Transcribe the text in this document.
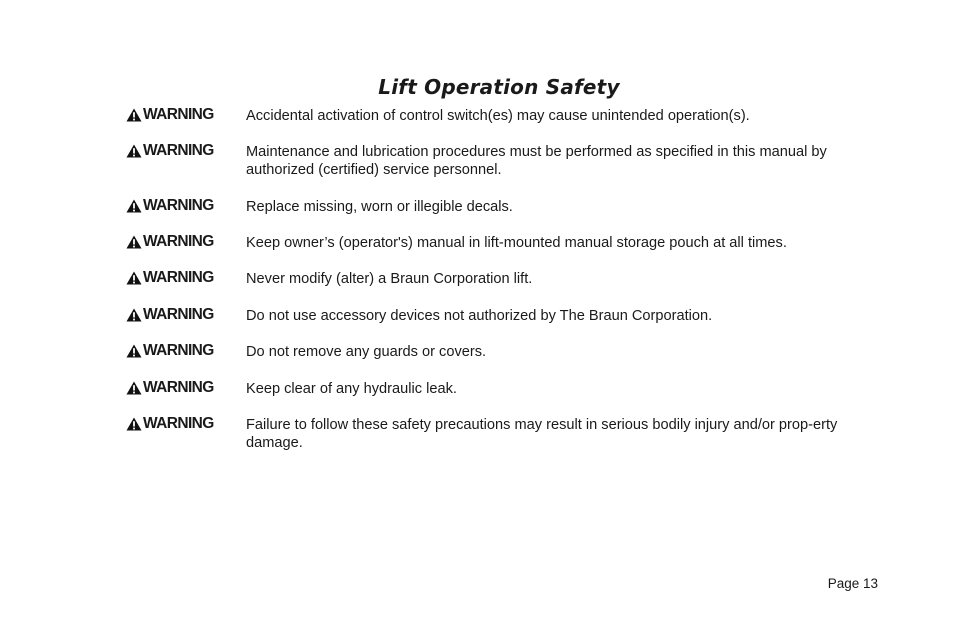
Lift Operation Safety
WARNING Accidental activation of control switch(es) may cause unintended operation(s).
WARNING Maintenance and lubrication procedures must be performed as specified in this manual by authorized (certified) service personnel.
WARNING Replace missing, worn or illegible decals.
WARNING Keep owner’s (operator's) manual in lift-mounted manual storage pouch at all times.
WARNING Never modify (alter) a Braun Corporation lift.
WARNING Do not use accessory devices not authorized by The Braun Corporation.
WARNING Do not remove any guards or covers.
WARNING Keep clear of any hydraulic leak.
WARNING Failure to follow these safety precautions may result in serious bodily injury and/or prop-erty damage.
Page 13
